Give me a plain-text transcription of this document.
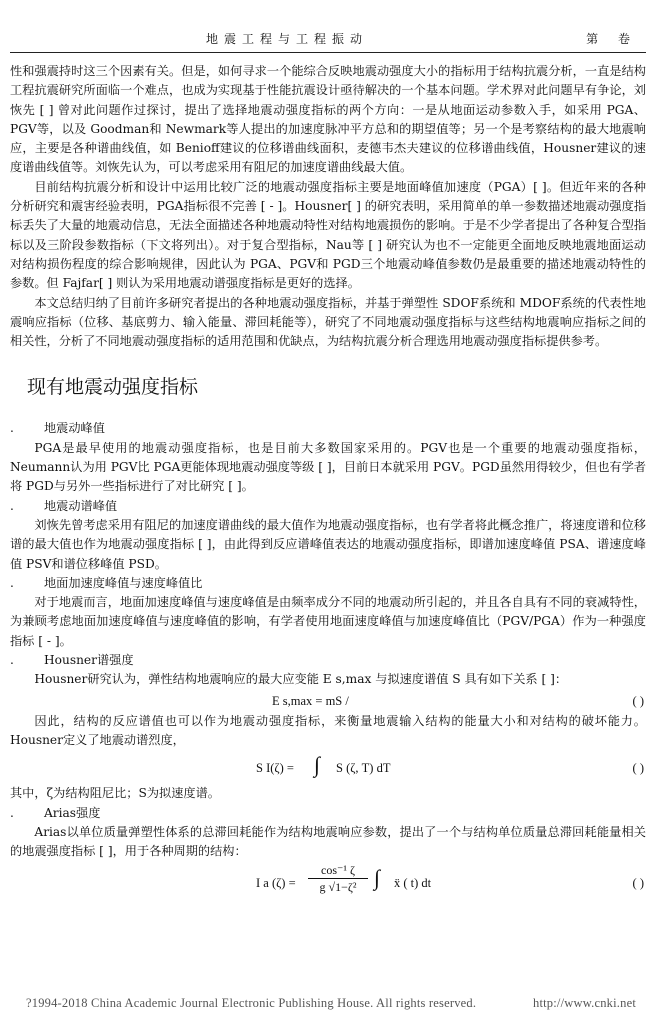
地震工程与工程振动	第 卷

性和强震持时这三个因素有关。但是，如何寻求一个能综合反映地震动强度大小的指标用于结构抗震分析，一直是结构工程抗震研究所面临一个难点，也成为实现基于性能抗震设计亟待解决的一个基本问题。学术界对此问题早有争论，刘恢先 [ ] 曾对此问题作过探讨，提出了选择地震动强度指标的两个方向：一是从地面运动参数入手，如采用 PGA、PGV等，以及 Goodman和 Newmark等人提出的加速度脉冲平方总和的期望值等；另一个是考察结构的最大地震响应，主要是各种谱曲线值，如 Benioff建议的位移谱曲线面积，麦德韦杰夫建议的位移谱曲线值，Housner建议的速度谱曲线值等。刘恢先认为，可以考虑采用有阻尼的加速度谱曲线最大值。

目前结构抗震分析和设计中运用比较广泛的地震动强度指标主要是地面峰值加速度（PGA）[ ]。但近年来的各种分析研究和震害经验表明，PGA指标很不完善 [ - ]。Housner[ ] 的研究表明，采用简单的单一参数描述地震动强度指标丢失了大量的地震动信息，无法全面描述各种地震动特性对结构地震损伤的影响。于是不少学者提出了各种复合型指标以及三阶段参数指标（下文将列出）。对于复合型指标，Nau等 [ ] 研究认为也不一定能更全面地反映地震地面运动对结构损伤程度的综合影响规律，因此认为 PGA、PGV和 PGD三个地震动峰值参数仍是最重要的描述地震动特性的参数。但 Fajfar[ ] 则认为采用地震动谱强度指标是更好的选择。

本文总结归纳了目前许多研究者提出的各种地震动强度指标，并基于弹塑性 SDOF系统和 MDOF系统的代表性地震响应指标（位移、基底剪力、输入能量、滞回耗能等），研究了不同地震动强度指标与这些结构地震响应指标之间的相关性，分析了不同地震动强度指标的适用范围和优缺点，为结构抗震分析合理选用地震动强度指标提供参考。

现有地震动强度指标

. 地震动峰值

PGA是最早使用的地震动强度指标，也是目前大多数国家采用的。PGV也是一个重要的地震动强度指标，Neumann认为用 PGV比 PGA更能体现地震动强度等级 [ ]，目前日本就采用 PGV。PGD虽然用得较少，但也有学者将 PGD与另外一些指标进行了对比研究 [ ]。

. 地震动谱峰值

刘恢先曾考虑采用有阻尼的加速度谱曲线的最大值作为地震动强度指标，也有学者将此概念推广，将速度谱和位移谱的最大值也作为地震动强度指标 [ ]，由此得到反应谱峰值表达的地震动强度指标，即谱加速度峰值 PSA、谱速度峰值 PSV和谱位移峰值 PSD。

. 地面加速度峰值与速度峰值比

对于地震而言，地面加速度峰值与速度峰值是由频率成分不同的地震动所引起的，并且各自具有不同的衰减特性，为兼顾考虑地面加速度峰值与速度峰值的影响，有学者使用地面速度峰值与加速度峰值比（PGV/PGA）作为一种强度指标 [ - ]。

. Housner谱强度

Housner研究认为，弹性结构地震响应的最大应变能 E s,max 与拟速度谱值 S 具有如下关系 [ ]：

E s,max = mS /	( )

因此，结构的反应谱值也可以作为地震动强度指标，来衡量地震输入结构的能量大小和对结构的破坏能力。Housner定义了地震动谱烈度，

S I(ζ) = ∫ S (ζ, T) dT	( )

其中，ζ为结构阻尼比；S为拟速度谱。

. Arias强度

Arias以单位质量弹塑性体系的总滞回耗能作为结构地震响应参数，提出了一个与结构单位质量总滞回耗能量相关的地震强度指标 [ ]，用于各种周期的结构：

I a (ζ) =
cos⁻¹ ζ
g √1−ζ² ∫ ẍ ( t) dt	( )
?1994-2018 China Academic Journal Electronic Publishing House. All rights reserved.	http://www.cnki.net
